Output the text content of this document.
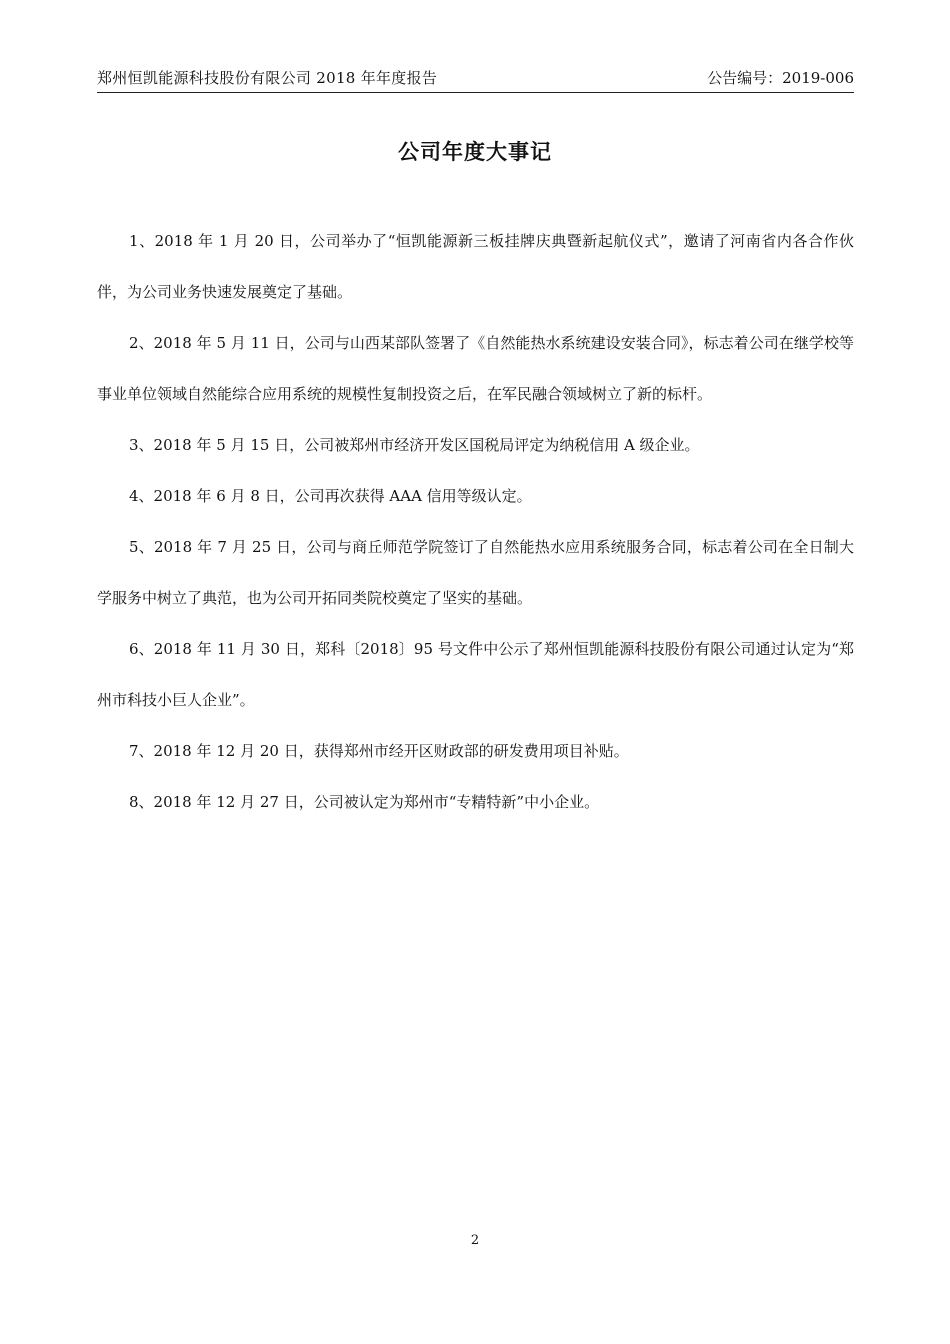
郑州恒凯能源科技股份有限公司 2018 年年度报告	公告编号：2019-006
公司年度大事记

1、2018 年 1 月 20 日，公司举办了“恒凯能源新三板挂牌庆典暨新起航仪式”，邀请了河南省内各合作伙伴，为公司业务快速发展奠定了基础。

2、2018 年 5 月 11 日，公司与山西某部队签署了《自然能热水系统建设安装合同》，标志着公司在继学校等事业单位领域自然能综合应用系统的规模性复制投资之后，在军民融合领域树立了新的标杆。

3、2018 年 5 月 15 日，公司被郑州市经济开发区国税局评定为纳税信用 A 级企业。

4、2018 年 6 月 8 日，公司再次获得 AAA 信用等级认定。

5、2018 年 7 月 25 日，公司与商丘师范学院签订了自然能热水应用系统服务合同，标志着公司在全日制大学服务中树立了典范，也为公司开拓同类院校奠定了坚实的基础。

6、2018 年 11 月 30 日，郑科〔2018〕95 号文件中公示了郑州恒凯能源科技股份有限公司通过认定为“郑州市科技小巨人企业”。

7、2018 年 12 月 20 日，获得郑州市经开区财政部的研发费用项目补贴。

8、2018 年 12 月 27 日，公司被认定为郑州市“专精特新”中小企业。

2
